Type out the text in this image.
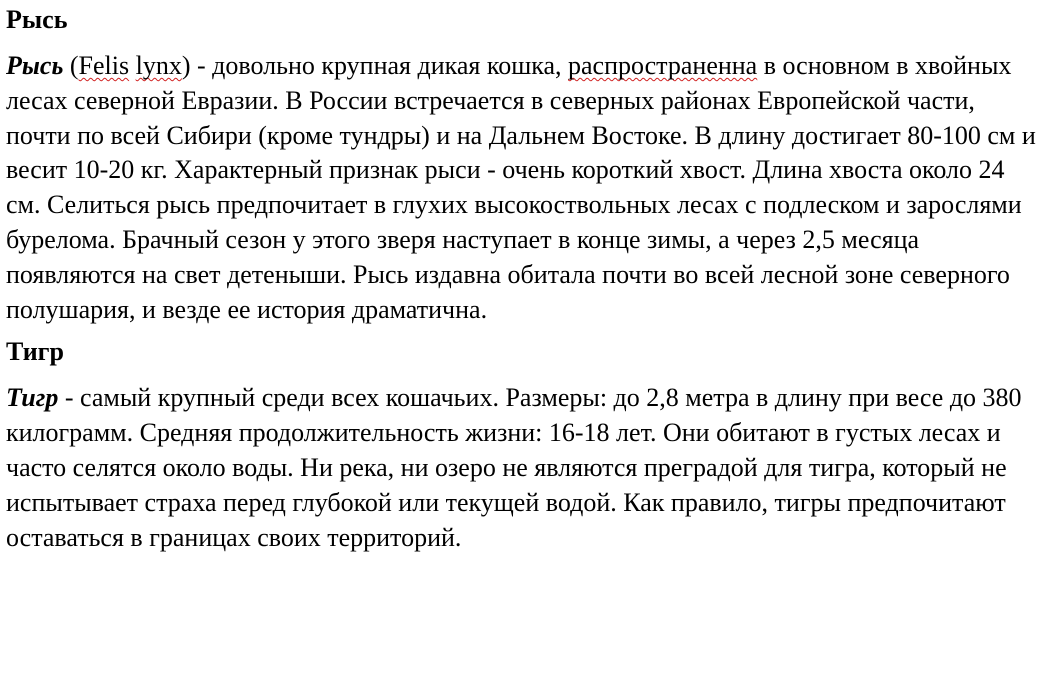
Рысь

Рысь (Felis lynx) - довольно крупная дикая кошка, распространенна в основном в хвойных лесах северной Евразии. В России встречается в северных районах Европейской части, почти по всей Сибири (кроме тундры) и на Дальнем Востоке. В длину достигает 80-100 см и весит 10-20 кг. Характерный признак рыси - очень короткий хвост. Длина хвоста около 24 см. Селиться рысь предпочитает в глухих высокоствольных лесах с подлеском и зарослями бурелома. Брачный сезон у этого зверя наступает в конце зимы, а через 2,5 месяца появляются на свет детеныши. Рысь издавна обитала почти во всей лесной зоне северного полушария, и везде ее история драматична.

Тигр

Тигр - самый крупный среди всех кошачьих. Размеры: до 2,8 метра в длину при весе до 380 килограмм. Средняя продолжительность жизни: 16-18 лет. Они обитают в густых лесах и часто селятся около воды. Ни река, ни озеро не являются преградой для тигра, который не испытывает страха перед глубокой или текущей водой. Как правило, тигры предпочитают оставаться в границах своих территорий.
